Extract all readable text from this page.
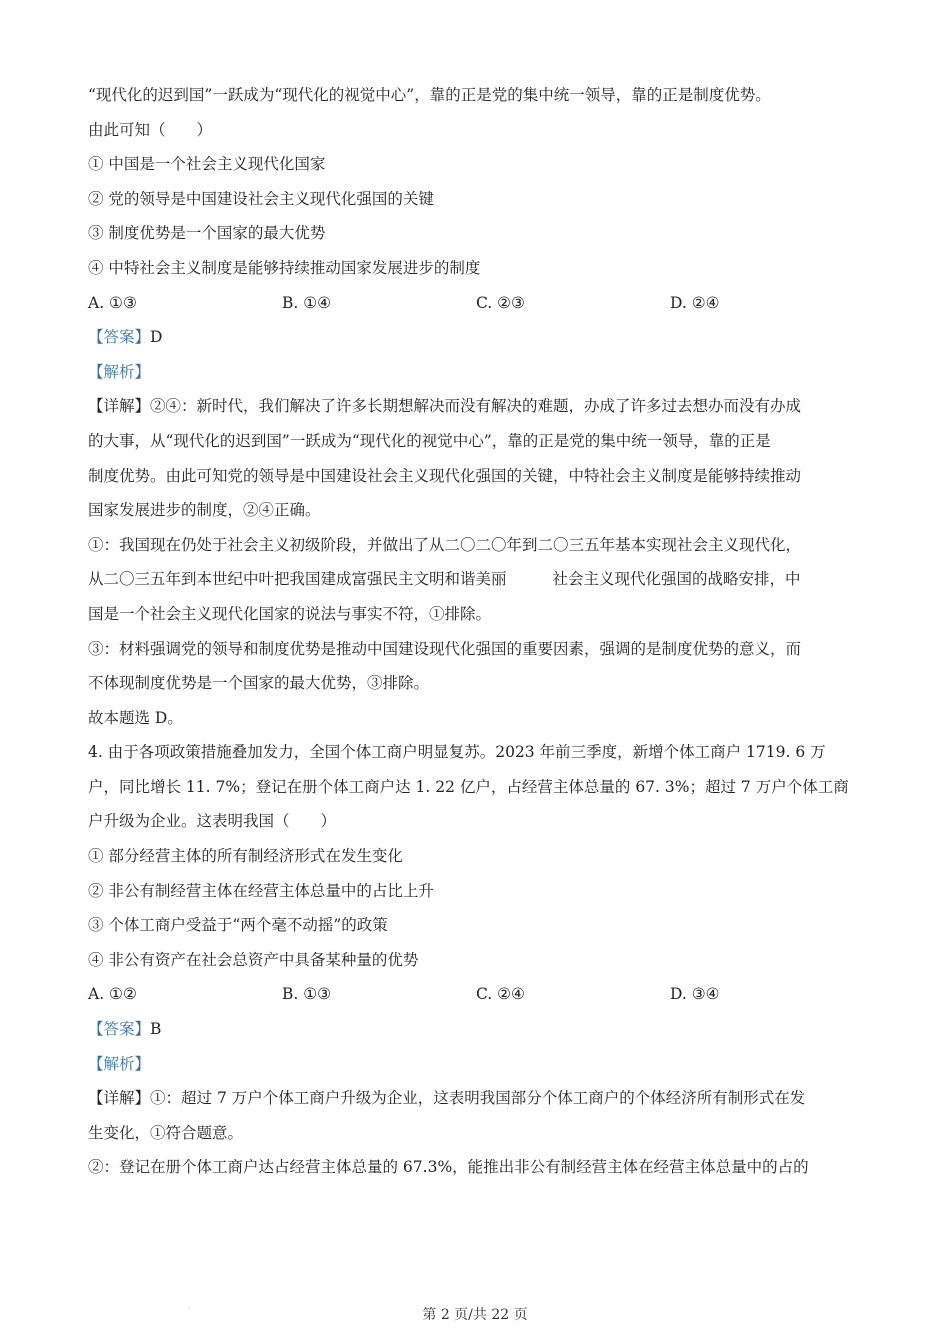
“现代化的迟到国”一跃成为“现代化的视觉中心”，靠的正是党的集中统一领导，靠的正是制度优势。
由此可知（　　）
① 中国是一个社会主义现代化国家
② 党的领导是中国建设社会主义现代化强国的关键
③ 制度优势是一个国家的最大优势
④ 中特社会主义制度是能够持续推动国家发展进步的制度
A. ①③	B. ①④	C. ②③	D. ②④
【答案】D
【解析】
【详解】②④：新时代，我们解决了许多长期想解决而没有解决的难题，办成了许多过去想办而没有办成
的大事，从“现代化的迟到国”一跃成为“现代化的视觉中心”，靠的正是党的集中统一领导，靠的正是
制度优势。由此可知党的领导是中国建设社会主义现代化强国的关键，中特社会主义制度是能够持续推动
国家发展进步的制度，②④正确。
①：我国现在仍处于社会主义初级阶段，并做出了从二〇二〇年到二〇三五年基本实现社会主义现代化，
从二〇三五年到本世纪中叶把我国建成富强民主文明和谐美丽	社会主义现代化强国的战略安排，中
国是一个社会主义现代化国家的说法与事实不符，①排除。
③：材料强调党的领导和制度优势是推动中国建设现代化强国的重要因素，强调的是制度优势的意义，而
不体现制度优势是一个国家的最大优势，③排除。
故本题选 D。
4. 由于各项政策措施叠加发力，全国个体工商户明显复苏。2023 年前三季度，新增个体工商户 1719. 6 万
户，同比增长 11. 7%；登记在册个体工商户达 1. 22 亿户，占经营主体总量的 67. 3%；超过 7 万户个体工商
户升级为企业。这表明我国（　　）
① 部分经营主体的所有制经济形式在发生变化
② 非公有制经营主体在经营主体总量中的占比上升
③ 个体工商户受益于“两个毫不动摇”的政策
④ 非公有资产在社会总资产中具备某种量的优势
A. ①②	B. ①③	C. ②④	D. ③④
【答案】B
【解析】
【详解】①：超过 7 万户个体工商户升级为企业，这表明我国部分个体工商户的个体经济所有制形式在发
生变化，①符合题意。
②：登记在册个体工商户达占经营主体总量的 67.3%，能推出非公有制经营主体在经营主体总量中的占的
·	第 2 页/共 22 页
